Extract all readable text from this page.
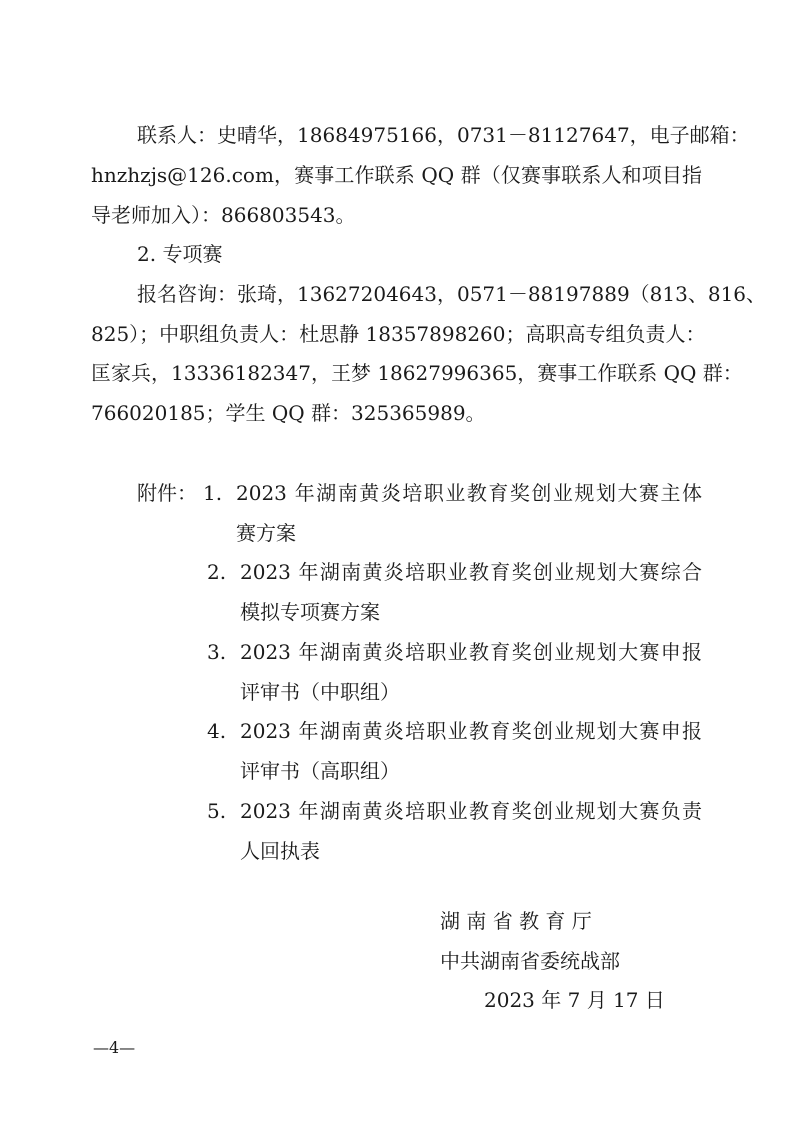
联系人：史晴华，18684975166，0731－81127647，电子邮箱：
hnzhzjs@126.com，赛事工作联系 QQ 群（仅赛事联系人和项目指
导老师加入）：866803543。
2. 专项赛
报名咨询：张琦，13627204643，0571－88197889（813、816、
825）；中职组负责人：杜思静 18357898260；高职高专组负责人：
匡家兵，13336182347，王梦 18627996365，赛事工作联系 QQ 群：
766020185；学生 QQ 群：325365989。
附件： 1. 2023 年湖南黄炎培职业教育奖创业规划大赛主体
赛方案
2. 2023 年湖南黄炎培职业教育奖创业规划大赛综合
模拟专项赛方案
3. 2023 年湖南黄炎培职业教育奖创业规划大赛申报
评审书（中职组）
4. 2023 年湖南黄炎培职业教育奖创业规划大赛申报
评审书（高职组）
5. 2023 年湖南黄炎培职业教育奖创业规划大赛负责
人回执表
湖 南 省 教 育 厅
中共湖南省委统战部
2023 年 7 月 17 日
—4—
